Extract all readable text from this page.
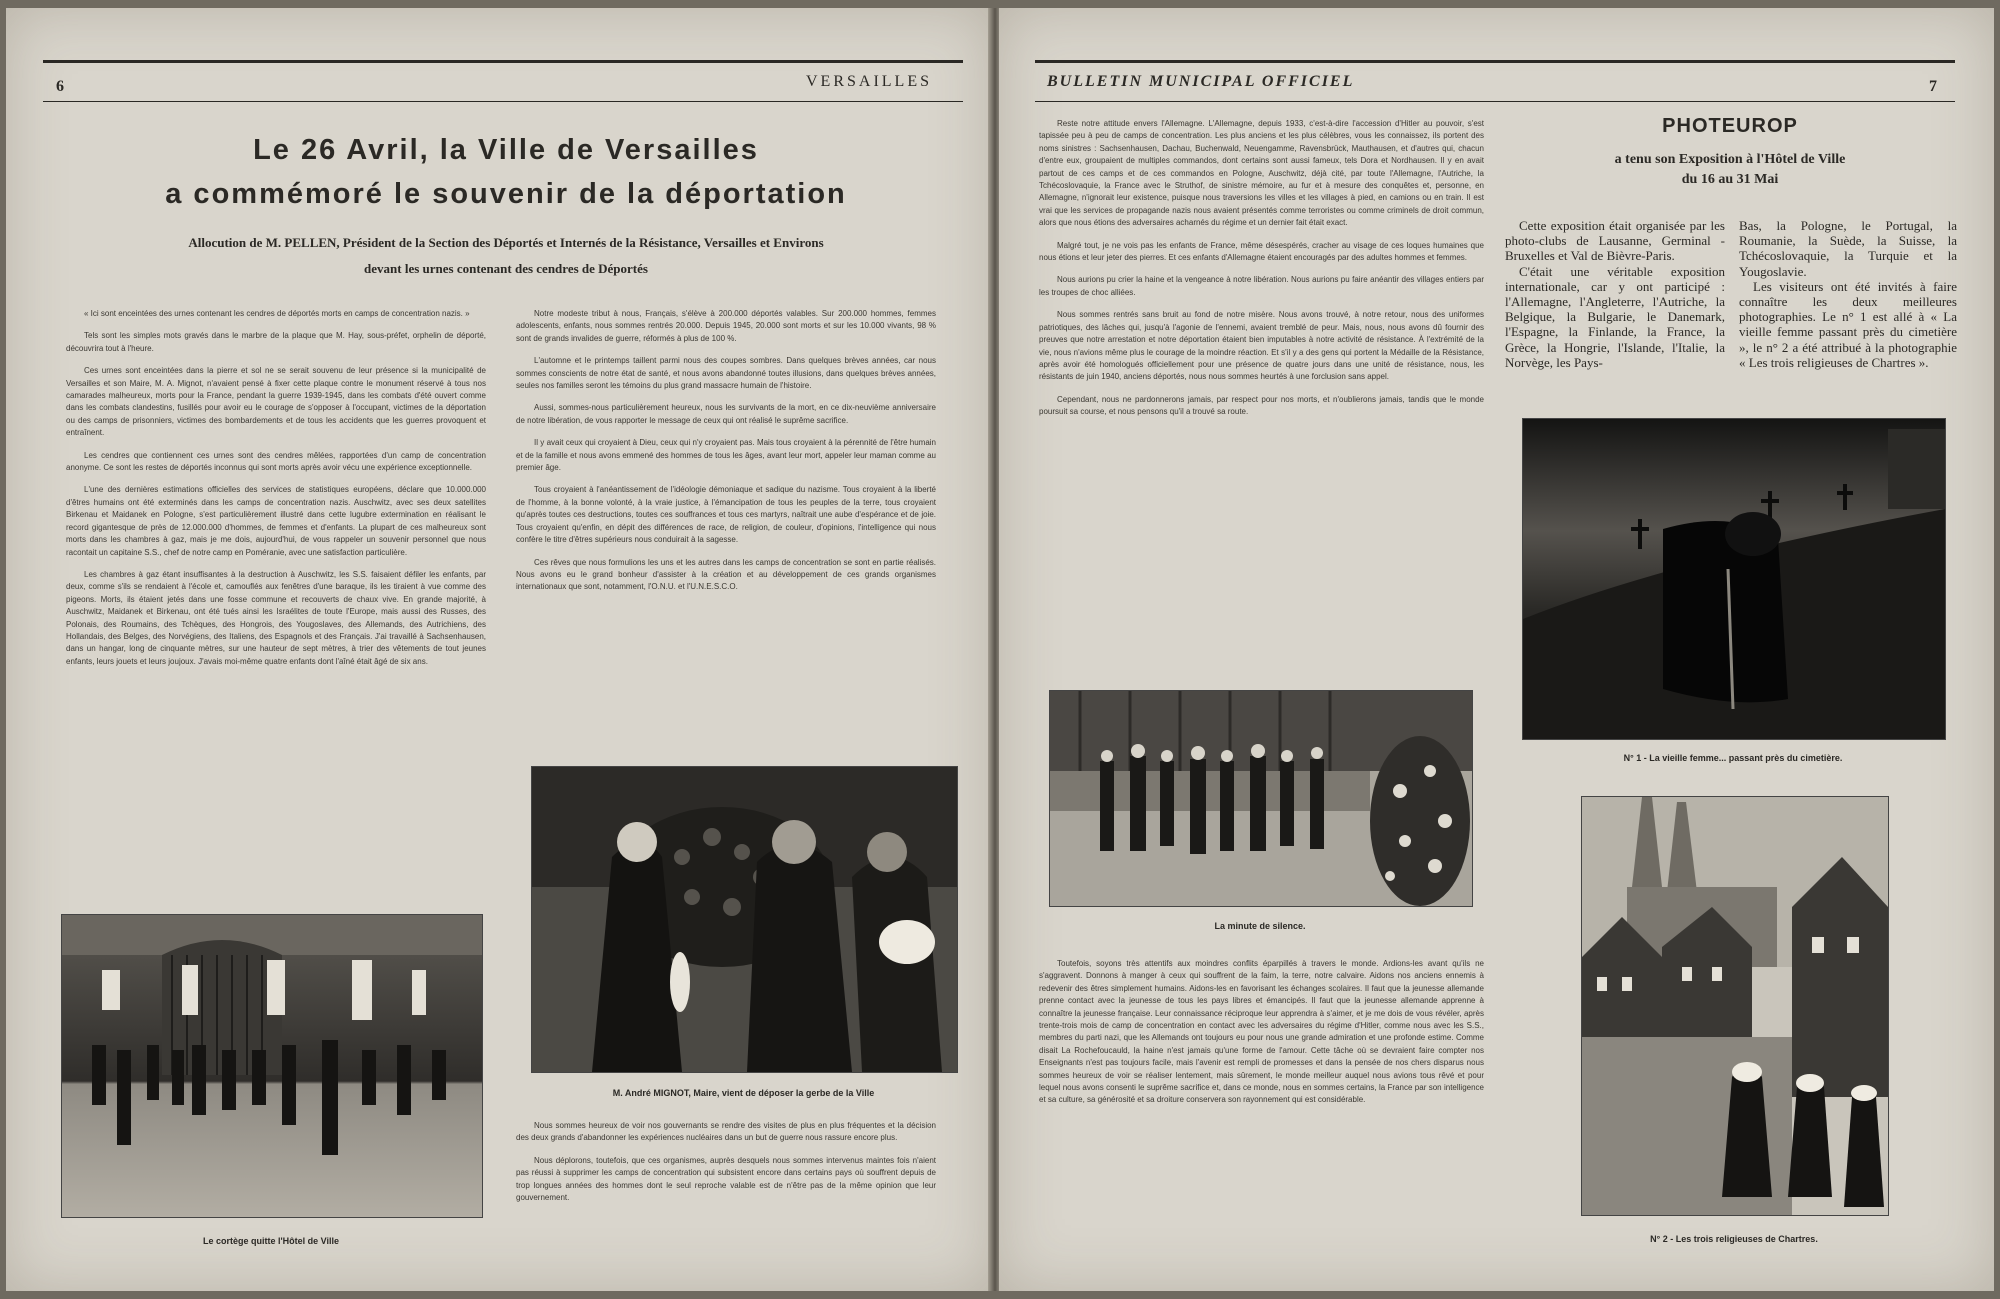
6	VERSAILLES
Le 26 Avril, la Ville de Versailles
a commémoré le souvenir de la déportation
Allocution de M. PELLEN, Président de la Section des Déportés et Internés de la Résistance, Versailles et Environs
devant les urnes contenant des cendres de Déportés

« Ici sont enceintées des urnes contenant les cendres de déportés morts en camps de concentration nazis. »

Tels sont les simples mots gravés dans le marbre de la plaque que M. Hay, sous-préfet, orphelin de déporté, découvrira tout à l'heure.

Ces urnes sont enceintées dans la pierre et sol ne se serait souvenu de leur présence si la municipalité de Versailles et son Maire, M. A. Mignot, n'avaient pensé à fixer cette plaque contre le monument réservé à tous nos camarades malheureux, morts pour la France, pendant la guerre 1939-1945, dans les combats d'été ouvert comme dans les combats clandestins, fusillés pour avoir eu le courage de s'opposer à l'occupant, victimes de la déportation ou des camps de prisonniers, victimes des bombardements et de tous les accidents que les guerres provoquent et entraînent.

Les cendres que contiennent ces urnes sont des cendres mêlées, rapportées d'un camp de concentration anonyme. Ce sont les restes de déportés inconnus qui sont morts après avoir vécu une expérience exceptionnelle.

L'une des dernières estimations officielles des services de statistiques européens, déclare que 10.000.000 d'êtres humains ont été exterminés dans les camps de concentration nazis. Auschwitz, avec ses deux satellites Birkenau et Maidanek en Pologne, s'est particulièrement illustré dans cette lugubre extermination en réalisant le record gigantesque de près de 12.000.000 d'hommes, de femmes et d'enfants. La plupart de ces malheureux sont morts dans les chambres à gaz, mais je me dois, aujourd'hui, de vous rappeler un souvenir personnel que nous racontait un capitaine S.S., chef de notre camp en Poméranie, avec une satisfaction particulière.

Les chambres à gaz étant insuffisantes à la destruction à Auschwitz, les S.S. faisaient défiler les enfants, par deux, comme s'ils se rendaient à l'école et, camouflés aux fenêtres d'une baraque, ils les tiraient à vue comme des pigeons. Morts, ils étaient jetés dans une fosse commune et recouverts de chaux vive. En grande majorité, à Auschwitz, Maidanek et Birkenau, ont été tués ainsi les Israélites de toute l'Europe, mais aussi des Russes, des Polonais, des Roumains, des Tchèques, des Hongrois, des Yougoslaves, des Allemands, des Autrichiens, des Hollandais, des Belges, des Norvégiens, des Italiens, des Espagnols et des Français. J'ai travaillé à Sachsenhausen, dans un hangar, long de cinquante mètres, sur une hauteur de sept mètres, à trier des vêtements de tout jeunes enfants, leurs jouets et leurs joujoux. J'avais moi-même quatre enfants dont l'aîné était âgé de six ans.

Notre modeste tribut à nous, Français, s'élève à 200.000 déportés valables. Sur 200.000 hommes, femmes adolescents, enfants, nous sommes rentrés 20.000. Depuis 1945, 20.000 sont morts et sur les 10.000 vivants, 98 % sont de grands invalides de guerre, réformés à plus de 100 %.

L'automne et le printemps taillent parmi nous des coupes sombres. Dans quelques brèves années, car nous sommes conscients de notre état de santé, et nous avons abandonné toutes illusions, dans quelques brèves années, seules nos familles seront les témoins du plus grand massacre humain de l'histoire.

Aussi, sommes-nous particulièrement heureux, nous les survivants de la mort, en ce dix-neuvième anniversaire de notre libération, de vous rapporter le message de ceux qui ont réalisé le suprême sacrifice.

Il y avait ceux qui croyaient à Dieu, ceux qui n'y croyaient pas. Mais tous croyaient à la pérennité de l'être humain et de la famille et nous avons emmené des hommes de tous les âges, avant leur mort, appeler leur maman comme au premier âge.

Tous croyaient à l'anéantissement de l'idéologie démoniaque et sadique du nazisme. Tous croyaient à la liberté de l'homme, à la bonne volonté, à la vraie justice, à l'émancipation de tous les peuples de la terre, tous croyaient qu'après toutes ces destructions, toutes ces souffrances et tous ces martyrs, naîtrait une aube d'espérance et de joie. Tous croyaient qu'enfin, en dépit des différences de race, de religion, de couleur, d'opinions, l'intelligence qui nous confère le titre d'êtres supérieurs nous conduirait à la sagesse.

Ces rêves que nous formulions les uns et les autres dans les camps de concentration se sont en partie réalisés. Nous avons eu le grand bonheur d'assister à la création et au développement de ces grands organismes internationaux que sont, notamment, l'O.N.U. et l'U.N.E.S.C.O.

Le cortège quitte l'Hôtel de Ville
M. André MIGNOT, Maire, vient de déposer la gerbe de la Ville

Nous sommes heureux de voir nos gouvernants se rendre des visites de plus en plus fréquentes et la décision des deux grands d'abandonner les expériences nucléaires dans un but de guerre nous rassure encore plus.

Nous déplorons, toutefois, que ces organismes, auprès desquels nous sommes intervenus maintes fois n'aient pas réussi à supprimer les camps de concentration qui subsistent encore dans certains pays où souffrent depuis de trop longues années des hommes dont le seul reproche valable est de n'être pas de la même opinion que leur gouvernement.

BULLETIN MUNICIPAL OFFICIEL	7

Reste notre attitude envers l'Allemagne. L'Allemagne, depuis 1933, c'est-à-dire l'accession d'Hitler au pouvoir, s'est tapissée peu à peu de camps de concentration. Les plus anciens et les plus célèbres, vous les connaissez, ils portent des noms sinistres : Sachsenhausen, Dachau, Buchenwald, Neuengamme, Ravensbrück, Mauthausen, et d'autres qui, chacun d'entre eux, groupaient de multiples commandos, dont certains sont aussi fameux, tels Dora et Nordhausen. Il y en avait partout de ces camps et de ces commandos en Pologne, Auschwitz, déjà cité, par toute l'Allemagne, l'Autriche, la Tchécoslovaquie, la France avec le Struthof, de sinistre mémoire, au fur et à mesure des conquêtes et, personne, en Allemagne, n'ignorait leur existence, puisque nous traversions les villes et les villages à pied, en camions ou en train. Il est vrai que les services de propagande nazis nous avaient présentés comme terroristes ou comme criminels de droit commun, alors que nous étions des adversaires acharnés du régime et un dernier fait était exact.

Malgré tout, je ne vois pas les enfants de France, même désespérés, cracher au visage de ces loques humaines que nous étions et leur jeter des pierres. Et ces enfants d'Allemagne étaient encouragés par des adultes hommes et femmes.

Nous aurions pu crier la haine et la vengeance à notre libération. Nous aurions pu faire anéantir des villages entiers par les troupes de choc alliées.

Nous sommes rentrés sans bruit au fond de notre misère. Nous avons trouvé, à notre retour, nous des uniformes patriotiques, des lâches qui, jusqu'à l'agonie de l'ennemi, avaient tremblé de peur. Mais, nous, nous avons dû fournir des preuves que notre arrestation et notre déportation étaient bien imputables à notre activité de résistance. À l'extrémité de la vie, nous n'avions même plus le courage de la moindre réaction. Et s'il y a des gens qui portent la Médaille de la Résistance, après avoir été homologués officiellement pour une présence de quatre jours dans une unité de résistance, nous, les résistants de juin 1940, anciens déportés, nous nous sommes heurtés à une forclusion sans appel.

Cependant, nous ne pardonnerons jamais, par respect pour nos morts, et n'oublierons jamais, tandis que le monde poursuit sa course, et nous pensons qu'il a trouvé sa route.

La minute de silence.

Toutefois, soyons très attentifs aux moindres conflits éparpillés à travers le monde. Ardions-les avant qu'ils ne s'aggravent. Donnons à manger à ceux qui souffrent de la faim, la terre, notre calvaire. Aidons nos anciens ennemis à redevenir des êtres simplement humains. Aidons-les en favorisant les échanges scolaires. Il faut que la jeunesse allemande prenne contact avec la jeunesse de tous les pays libres et émancipés. Il faut que la jeunesse allemande apprenne à connaître la jeunesse française. Leur connaissance réciproque leur apprendra à s'aimer, et je me dois de vous révéler, après trente-trois mois de camp de concentration en contact avec les adversaires du régime d'Hitler, comme nous avec les S.S., membres du parti nazi, que les Allemands ont toujours eu pour nous une grande admiration et une profonde estime. Comme disait La Rochefoucauld, la haine n'est jamais qu'une forme de l'amour. Cette tâche où se devraient faire compter nos Enseignants n'est pas toujours facile, mais l'avenir est rempli de promesses et dans la pensée de nos chers disparus nous sommes heureux de voir se réaliser lentement, mais sûrement, le monde meilleur auquel nous avions tous rêvé et pour lequel nous avons consenti le suprême sacrifice et, dans ce monde, nous en sommes certains, la France par son intelligence et sa culture, sa générosité et sa droiture conservera son rayonnement qui est considérable.

PHOTEUROP
a tenu son Exposition à l'Hôtel de Ville
du 16 au 31 Mai

Cette exposition était organisée par les photo-clubs de Lausanne, Germinal - Bruxelles et Val de Bièvre-Paris.

C'était une véritable exposition internationale, car y ont participé : l'Allemagne, l'Angleterre, l'Autriche, la Belgique, la Bulgarie, le Danemark, l'Espagne, la Finlande, la France, la Grèce, la Hongrie, l'Islande, l'Italie, la Norvège, les Pays-

Bas, la Pologne, le Portugal, la Roumanie, la Suède, la Suisse, la Tchécoslovaquie, la Turquie et la Yougoslavie.

Les visiteurs ont été invités à faire connaître les deux meilleures photographies. Le n° 1 est allé à « La vieille femme passant près du cimetière », le n° 2 a été attribué à la photographie « Les trois religieuses de Chartres ».

N° 1 - La vieille femme... passant près du cimetière.
N° 2 - Les trois religieuses de Chartres.
